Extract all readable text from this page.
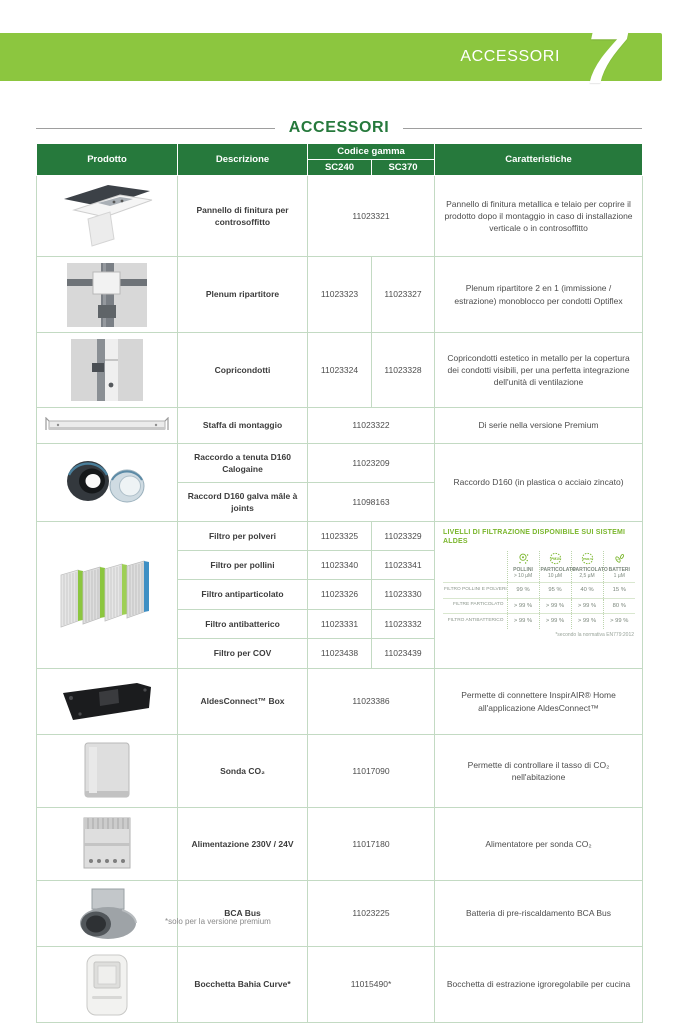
ACCESSORI 7
ACCESSORI
Prodotto	Descrizione	Codice gamma	Caratteristiche
SC240	SC370

	Pannello di finitura per controsoffitto	11023321	Pannello di finitura metallica e telaio per coprire il prodotto dopo il montaggio in caso di installazione verticale o in controsoffitto

	Plenum ripartitore	11023323	11023327	Plenum ripartitore 2 en 1 (immissione / estrazione) monoblocco per condotti Optiflex

	Copricondotti	11023324	11023328	Copricondotti estetico in metallo per la copertura dei condotti visibili, per una perfetta integrazione dell'unità di ventilazione

	Staffa di montaggio	11023322	Di serie nella versione Premium

	Raccordo a tenuta D160 Calogaine	11023209	Raccordo D160 (in plastica o acciaio zincato)
Raccord D160 galva mâle à joints	11098163

	Filtro per polveri	11023325	11023329	LIVELLI DI FILTRAZIONE DISPONIBILE SUI SISTEMI ALDES

POLLINI
> 10 µM

PM10
PARTICOLATO
10 µM

PM2,5
PARTICOLATO
2,5 µM

BATTERI
1 µM

FILTRO POLLINI E POLVERI	99 %	95 %	40 %	15 %
FILTRE PARTICOLATO	> 99 %	> 99 %	> 99 %	80 %
FILTRO ANTIBATTERICO	> 99 %	> 99 %	> 99 %	> 99 %
*secondo la normativa EN779:2012

Filtro per pollini	11023340	11023341
Filtro antiparticolato	11023326	11023330
Filtro antibatterico	11023331	11023332
Filtro per COV	11023438	11023439

	AldesConnect™ Box	11023386	Permette di connettere InspirAIR® Home all'applicazione AldesConnect™

	Sonda CO₂	11017090	Permette di controllare il tasso di CO₂ nell'abitazione

	Alimentazione 230V / 24V	11017180	Alimentatore per sonda CO₂

	BCA Bus	11023225	Batteria di pre-riscaldamento BCA Bus

	Bocchetta Bahia Curve*	11015490*	Bocchetta di estrazione igroregolabile per cucina
*solo per la versione premium
